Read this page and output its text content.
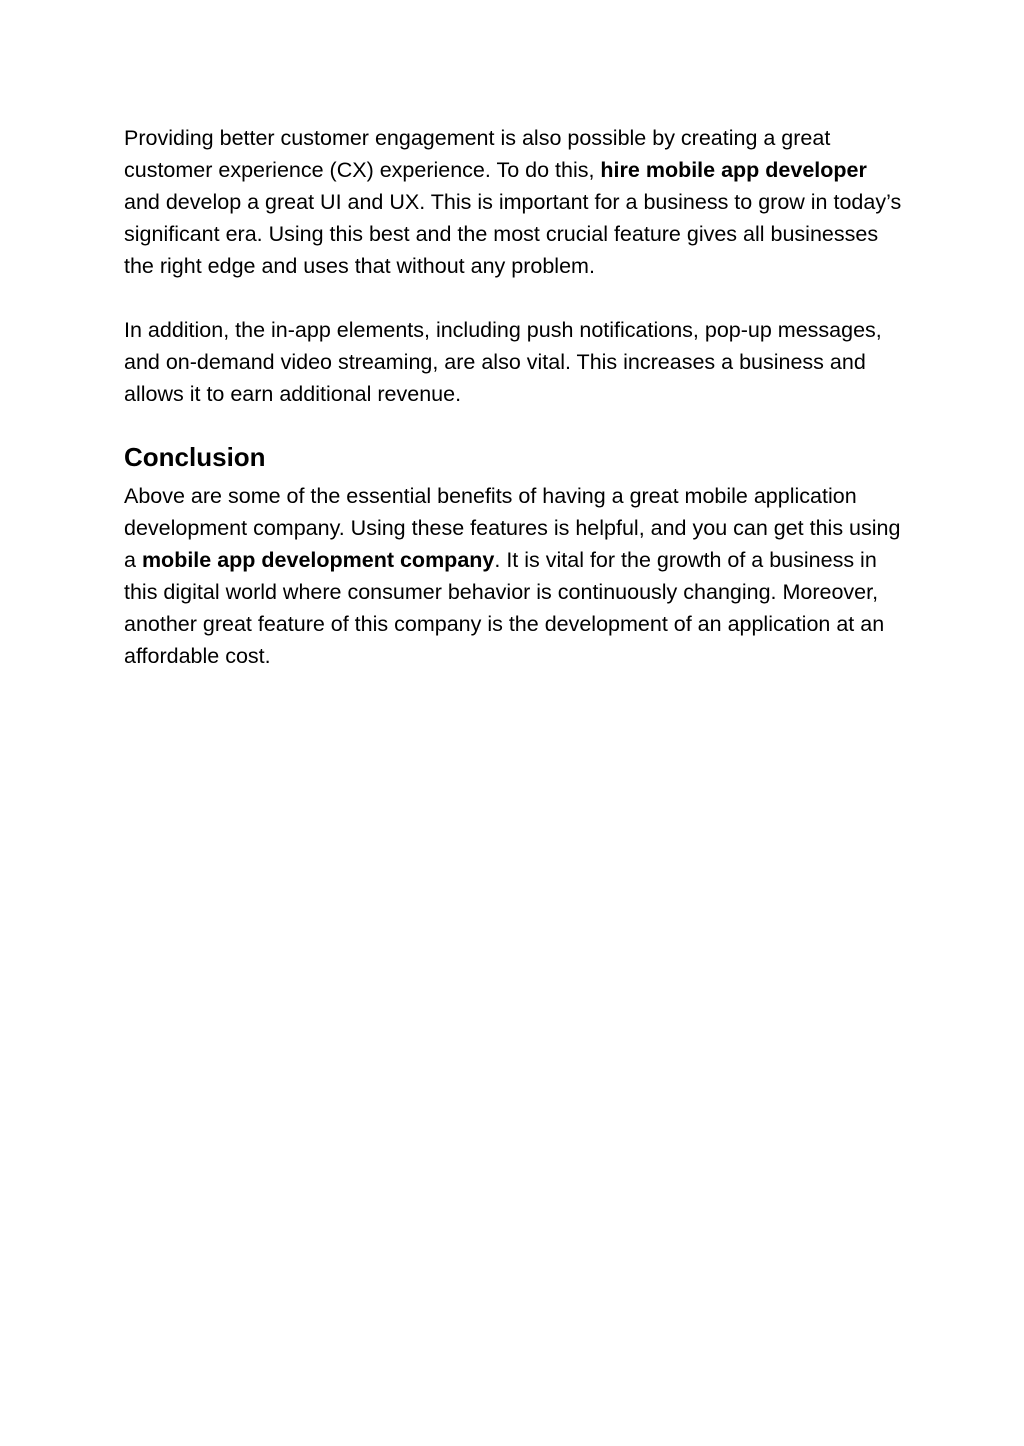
Providing better customer engagement is also possible by creating a great customer experience (CX) experience. To do this, hire mobile app developer and develop a great UI and UX. This is important for a business to grow in today’s significant era. Using this best and the most crucial feature gives all businesses the right edge and uses that without any problem.

In addition, the in-app elements, including push notifications, pop-up messages, and on-demand video streaming, are also vital. This increases a business and allows it to earn additional revenue.

Conclusion

Above are some of the essential benefits of having a great mobile application development company. Using these features is helpful, and you can get this using a mobile app development company. It is vital for the growth of a business in this digital world where consumer behavior is continuously changing. Moreover, another great feature of this company is the development of an application at an affordable cost.
